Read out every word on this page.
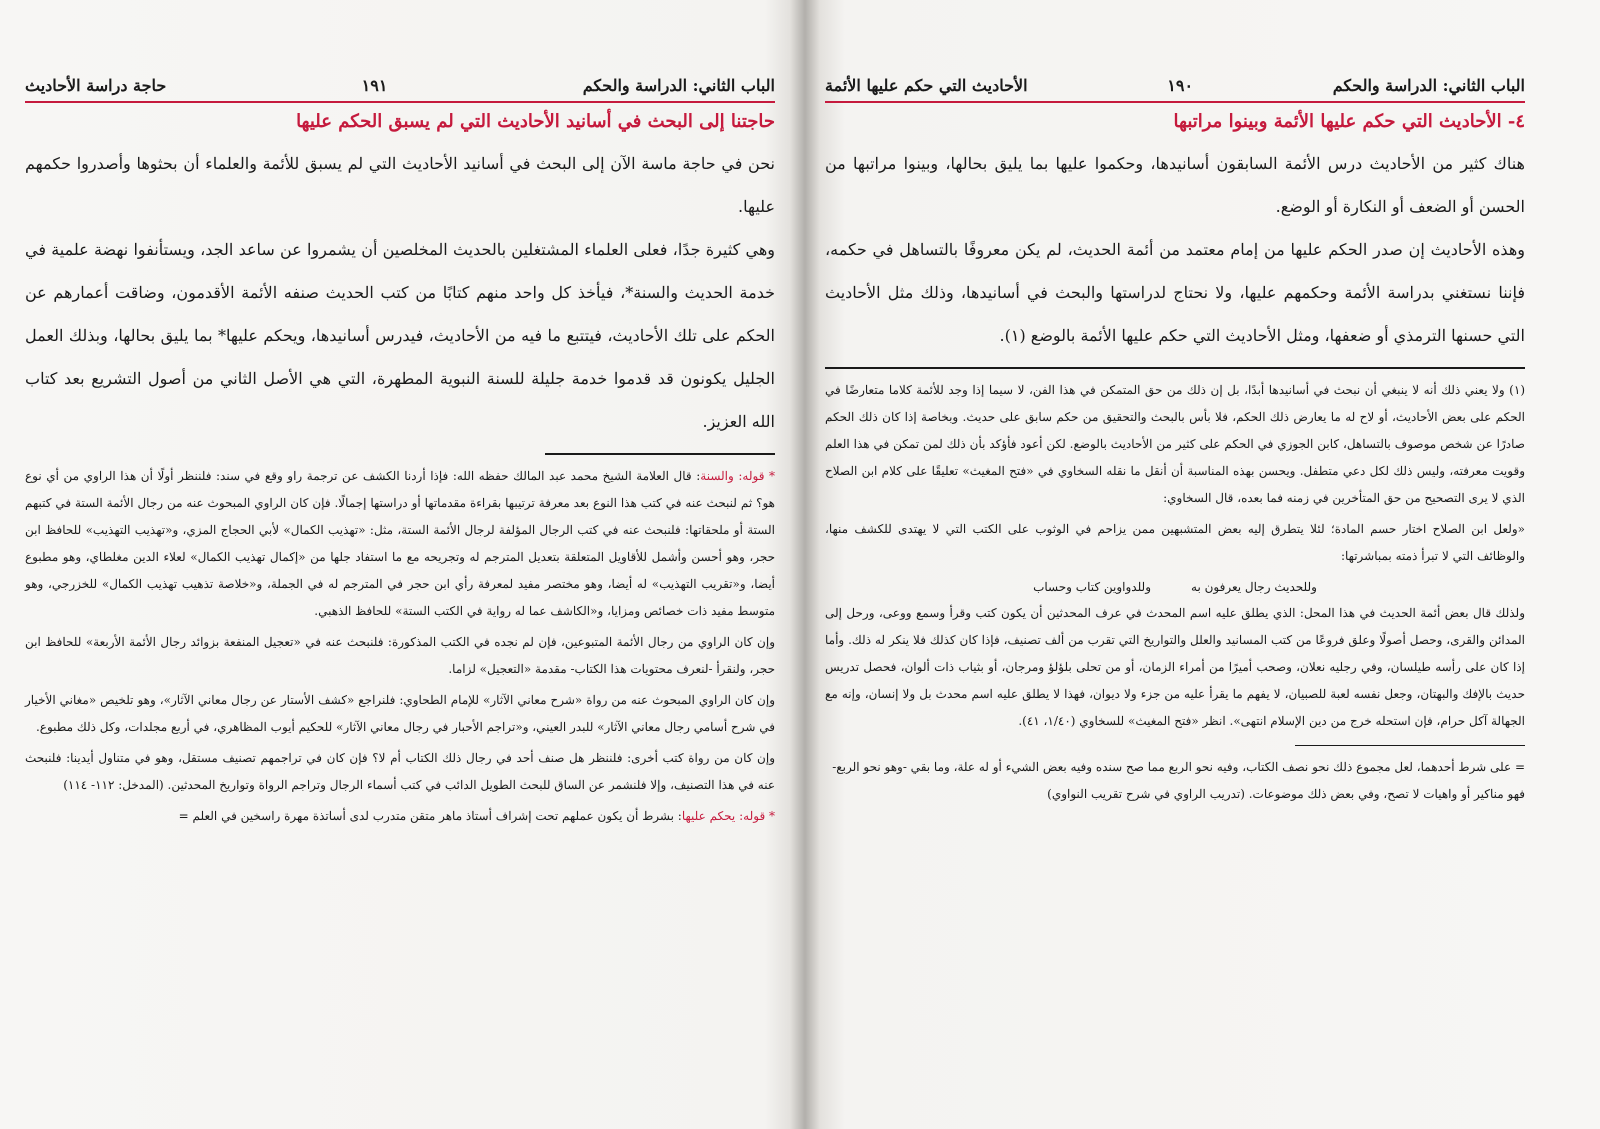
الباب الثاني: الدراسة والحكم
١٩١
حاجة دراسة الأحاديث
حاجتنا إلى البحث في أسانيد الأحاديث التي لم يسبق الحكم عليها

نحن في حاجة ماسة الآن إلى البحث في أسانيد الأحاديث التي لم يسبق للأئمة والعلماء أن بحثوها وأصدروا حكمهم عليها.

وهي كثيرة جدًا، فعلى العلماء المشتغلين بالحديث المخلصين أن يشمروا عن ساعد الجد، ويستأنفوا نهضة علمية في خدمة الحديث والسنة*، فيأخذ كل واحد منهم كتابًا من كتب الحديث صنفه الأئمة الأقدمون، وضاقت أعمارهم عن الحكم على تلك الأحاديث، فيتتبع ما فيه من الأحاديث، فيدرس أسانيدها، ويحكم عليها* بما يليق بحالها، وبذلك العمل الجليل يكونون قد قدموا خدمة جليلة للسنة النبوية المطهرة، التي هي الأصل الثاني من أصول التشريع بعد كتاب الله العزيز.

* قوله: والسنة: قال العلامة الشيخ محمد عبد المالك حفظه الله: فإذا أردنا الكشف عن ترجمة راو وقع في سند: فلننظر أولًا أن هذا الراوي من أي نوع هو؟ ثم لنبحث عنه في كتب هذا النوع بعد معرفة ترتيبها بقراءة مقدماتها أو دراستها إجمالًا. فإن كان الراوي المبحوث عنه من رجال الأئمة الستة في كتبهم الستة أو ملحقاتها: فلنبحث عنه في كتب الرجال المؤلفة لرجال الأئمة الستة، مثل: «تهذيب الكمال» لأبي الحجاج المزي، و«تهذيب التهذيب» للحافظ ابن حجر، وهو أحسن وأشمل للأقاويل المتعلقة بتعديل المترجم له وتجريحه مع ما استفاد جلها من «إكمال تهذيب الكمال» لعلاء الدين مغلطاي، وهو مطبوع أيضا، و«تقريب التهذيب» له أيضا، وهو مختصر مفيد لمعرفة رأي ابن حجر في المترجم له في الجملة، و«خلاصة تذهيب تهذيب الكمال» للخزرجي، وهو متوسط مفيد ذات خصائص ومزايا، و«الكاشف عما له رواية في الكتب الستة» للحافظ الذهبي.

وإن كان الراوي من رجال الأئمة المتبوعين، فإن لم نجده في الكتب المذكورة: فلنبحث عنه في «تعجيل المنفعة بزوائد رجال الأئمة الأربعة» للحافظ ابن حجر، ولنقرأ -لنعرف محتويات هذا الكتاب- مقدمة «التعجيل» لزاما.

وإن كان الراوي المبحوث عنه من رواة «شرح معاني الآثار» للإمام الطحاوي: فلنراجع «كشف الأستار عن رجال معاني الآثار»، وهو تلخيص «مغاني الأخيار في شرح أسامي رجال معاني الآثار» للبدر العيني، و«تراجم الأحبار في رجال معاني الآثار» للحكيم أيوب المظاهري، في أربع مجلدات، وكل ذلك مطبوع.

وإن كان من رواة كتب أخرى: فلننظر هل صنف أحد في رجال ذلك الكتاب أم لا؟ فإن كان في تراجمهم تصنيف مستقل، وهو في متناول أيدينا: فلنبحث عنه في هذا التصنيف، وإلا فلنشمر عن الساق للبحث الطويل الدائب في كتب أسماء الرجال وتراجم الرواة وتواريخ المحدثين. (المدخل: ١١٢- ١١٤)

* قوله: يحكم عليها: بشرط أن يكون عملهم تحت إشراف أستاذ ماهر متقن متدرب لدى أساتذة مهرة راسخين في العلم =

الباب الثاني: الدراسة والحكم
١٩٠
الأحاديث التي حكم عليها الأئمة
٤- الأحاديث التي حكم عليها الأئمة وبينوا مراتبها

هناك كثير من الأحاديث درس الأئمة السابقون أسانيدها، وحكموا عليها بما يليق بحالها، وبينوا مراتبها من الحسن أو الضعف أو النكارة أو الوضع.

وهذه الأحاديث إن صدر الحكم عليها من إمام معتمد من أئمة الحديث، لم يكن معروفًا بالتساهل في حكمه، فإننا نستغني بدراسة الأئمة وحكمهم عليها، ولا نحتاج لدراستها والبحث في أسانيدها، وذلك مثل الأحاديث التي حسنها الترمذي أو ضعفها، ومثل الأحاديث التي حكم عليها الأئمة بالوضع (١).

(١) ولا يعني ذلك أنه لا ينبغي أن نبحث في أسانيدها أبدًا، بل إن ذلك من حق المتمكن في هذا الفن، لا سيما إذا وجد للأئمة كلاما متعارضًا في الحكم على بعض الأحاديث، أو لاح له ما يعارض ذلك الحكم، فلا بأس بالبحث والتحقيق من حكم سابق على حديث. وبخاصة إذا كان ذلك الحكم صادرًا عن شخص موصوف بالتساهل، كابن الجوزي في الحكم على كثير من الأحاديث بالوضع. لكن أعود فأؤكد بأن ذلك لمن تمكن في هذا العلم وقويت معرفته، وليس ذلك لكل دعي متطفل. ويحسن بهذه المناسبة أن أنقل ما نقله السخاوي في «فتح المغيث» تعليقًا على كلام ابن الصلاح الذي لا يرى التصحيح من حق المتأخرين في زمنه فما بعده، قال السخاوي:

«ولعل ابن الصلاح اختار حسم المادة؛ لئلا يتطرق إليه بعض المتشبهين ممن يزاحم في الوثوب على الكتب التي لا يهتدى للكشف منها، والوظائف التي لا تبرأ ذمته بمباشرتها:

وللحديث رجال يعرفون به
وللدواوين كتاب وحساب

ولذلك قال بعض أئمة الحديث في هذا المحل: الذي يطلق عليه اسم المحدث في عرف المحدثين أن يكون كتب وقرأ وسمع ووعى، ورحل إلى المدائن والقرى، وحصل أصولًا وعلق فروعًا من كتب المسانيد والعلل والتواريخ التي تقرب من ألف تصنيف، فإذا كان كذلك فلا ينكر له ذلك. وأما إذا كان على رأسه طيلسان، وفي رجليه نعلان، وصحب أميرًا من أمراء الزمان، أو من تحلى بلؤلؤ ومرجان، أو بثياب ذات ألوان، فحصل تدريس حديث بالإفك والبهتان، وجعل نفسه لعبة للصبيان، لا يفهم ما يقرأ عليه من جزء ولا ديوان، فهذا لا يطلق عليه اسم محدث بل ولا إنسان، وإنه مع الجهالة آكل حرام، فإن استحله خرج من دين الإسلام انتهى». انظر «فتح المغيث» للسخاوي (١/٤٠، ٤١).

= على شرط أحدهما، لعل مجموع ذلك نحو نصف الكتاب، وفيه نحو الربع مما صح سنده وفيه بعض الشيء أو له علة، وما بقي -وهو نحو الربع- فهو مناكير أو واهيات لا تصح، وفي بعض ذلك موضوعات. (تدريب الراوي في شرح تقريب النواوي)
